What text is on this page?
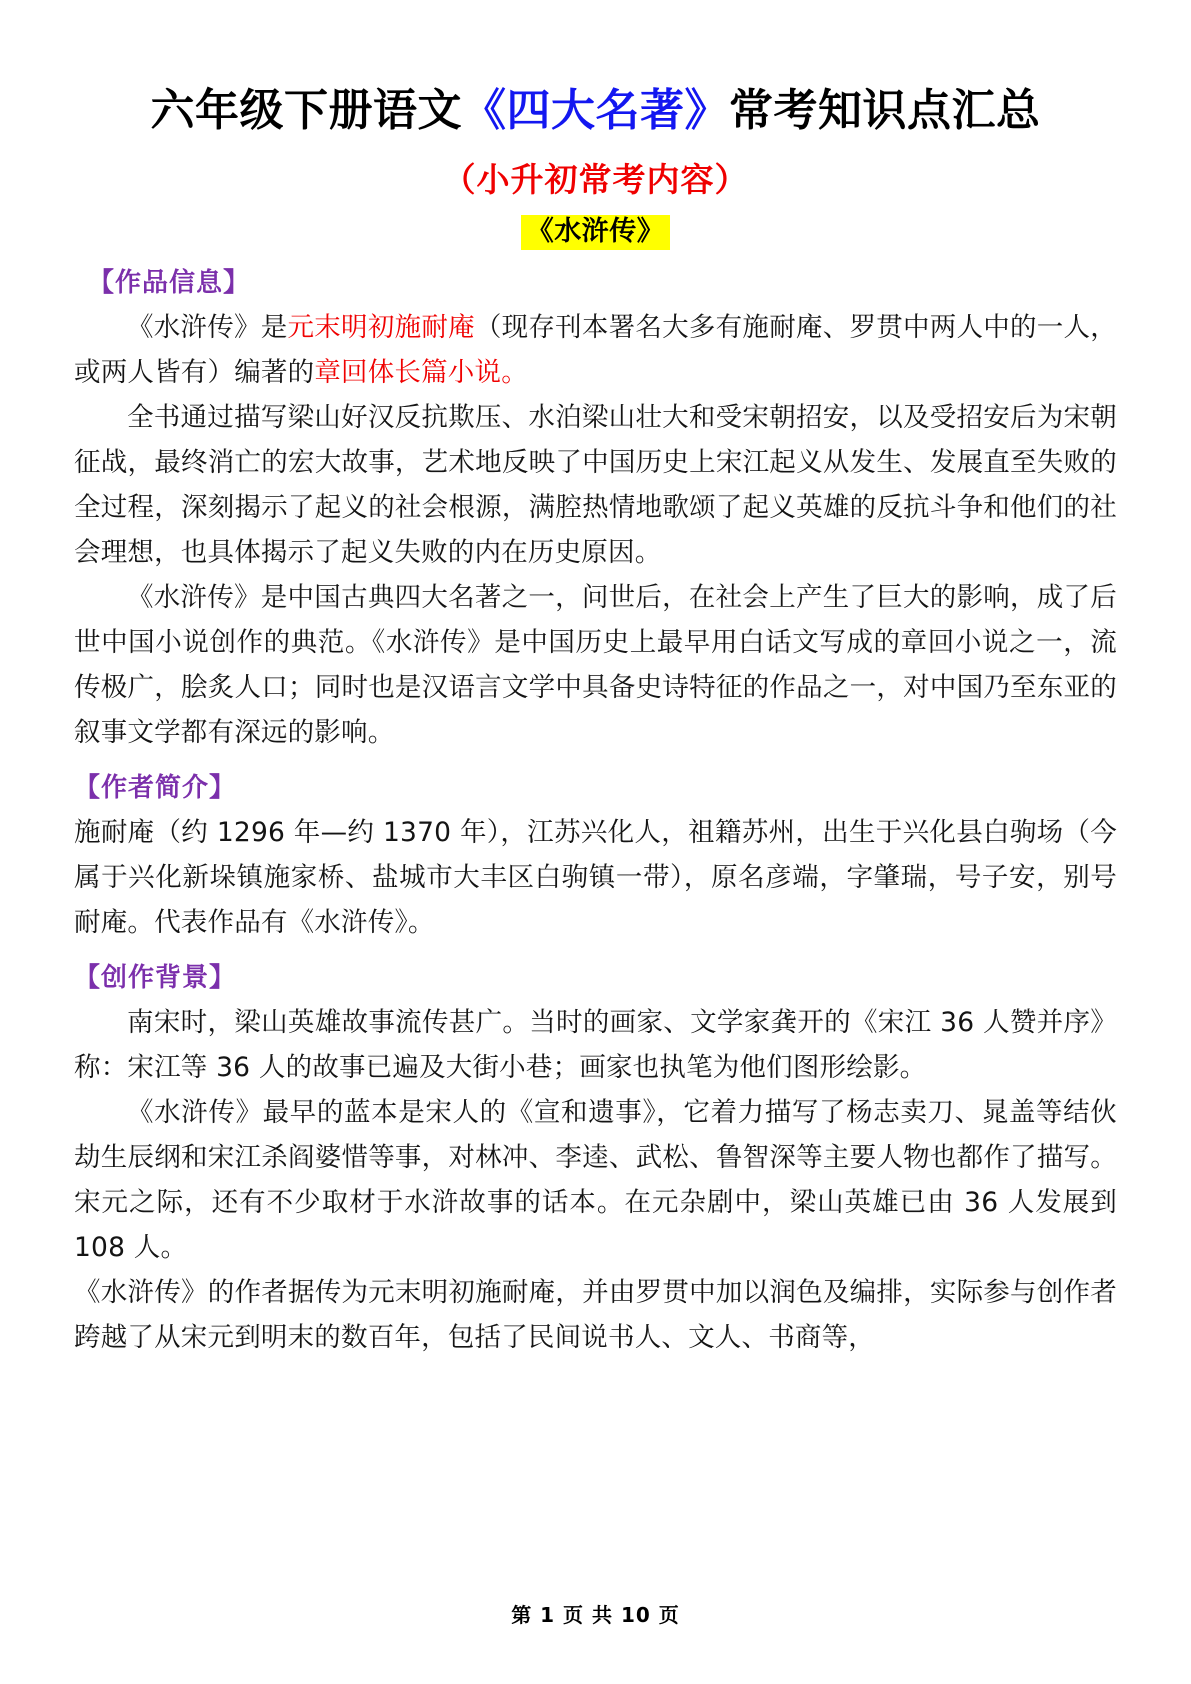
六年级下册语文《四大名著》常考知识点汇总
（小升初常考内容）
《水浒传》
【作品信息】

《水浒传》是元末明初施耐庵（现存刊本署名大多有施耐庵、罗贯中两人中的一人，或两人皆有）编著的章回体长篇小说。

全书通过描写梁山好汉反抗欺压、水泊梁山壮大和受宋朝招安，以及受招安后为宋朝征战，最终消亡的宏大故事，艺术地反映了中国历史上宋江起义从发生、发展直至失败的全过程，深刻揭示了起义的社会根源，满腔热情地歌颂了起义英雄的反抗斗争和他们的社会理想，也具体揭示了起义失败的内在历史原因。

《水浒传》是中国古典四大名著之一，问世后，在社会上产生了巨大的影响，成了后世中国小说创作的典范。《水浒传》是中国历史上最早用白话文写成的章回小说之一，流传极广，脍炙人口；同时也是汉语言文学中具备史诗特征的作品之一，对中国乃至东亚的叙事文学都有深远的影响。

【作者简介】

施耐庵（约 1296 年—约 1370 年），江苏兴化人，祖籍苏州，出生于兴化县白驹场（今属于兴化新垛镇施家桥、盐城市大丰区白驹镇一带），原名彦端，字肇瑞，号子安，别号耐庵。代表作品有《水浒传》。

【创作背景】

南宋时，梁山英雄故事流传甚广。当时的画家、文学家龚开的《宋江 36 人赞并序》称：宋江等 36 人的故事已遍及大街小巷；画家也执笔为他们图形绘影。

《水浒传》最早的蓝本是宋人的《宣和遗事》，它着力描写了杨志卖刀、晁盖等结伙劫生辰纲和宋江杀阎婆惜等事，对林冲、李逵、武松、鲁智深等主要人物也都作了描写。宋元之际，还有不少取材于水浒故事的话本。在元杂剧中，梁山英雄已由 36 人发展到 108 人。

《水浒传》的作者据传为元末明初施耐庵，并由罗贯中加以润色及编排，实际参与创作者跨越了从宋元到明末的数百年，包括了民间说书人、文人、书商等，

第 1 页 共 10 页
